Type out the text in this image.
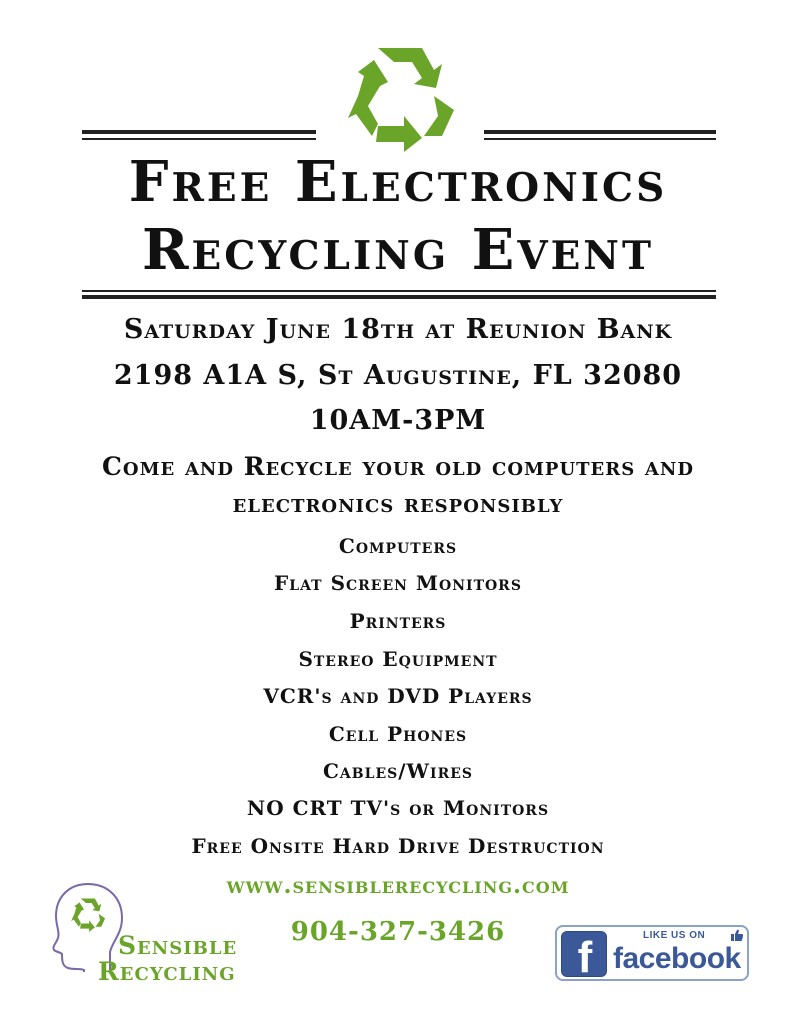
Free Electronics
Recycling Event
Saturday June 18th at Reunion Bank
2198 A1A S, St Augustine, FL 32080
10AM-3PM
Come and Recycle your old computers and
electronics responsibly
Computers
Flat Screen Monitors
Printers
Stereo Equipment
VCR's and DVD Players
Cell Phones
Cables/Wires
NO CRT TV's or Monitors
Free Onsite Hard Drive Destruction
www.sensiblerecycling.com
904-327-3426
Sensible
Recycling	f	LIKE US ON
facebook
